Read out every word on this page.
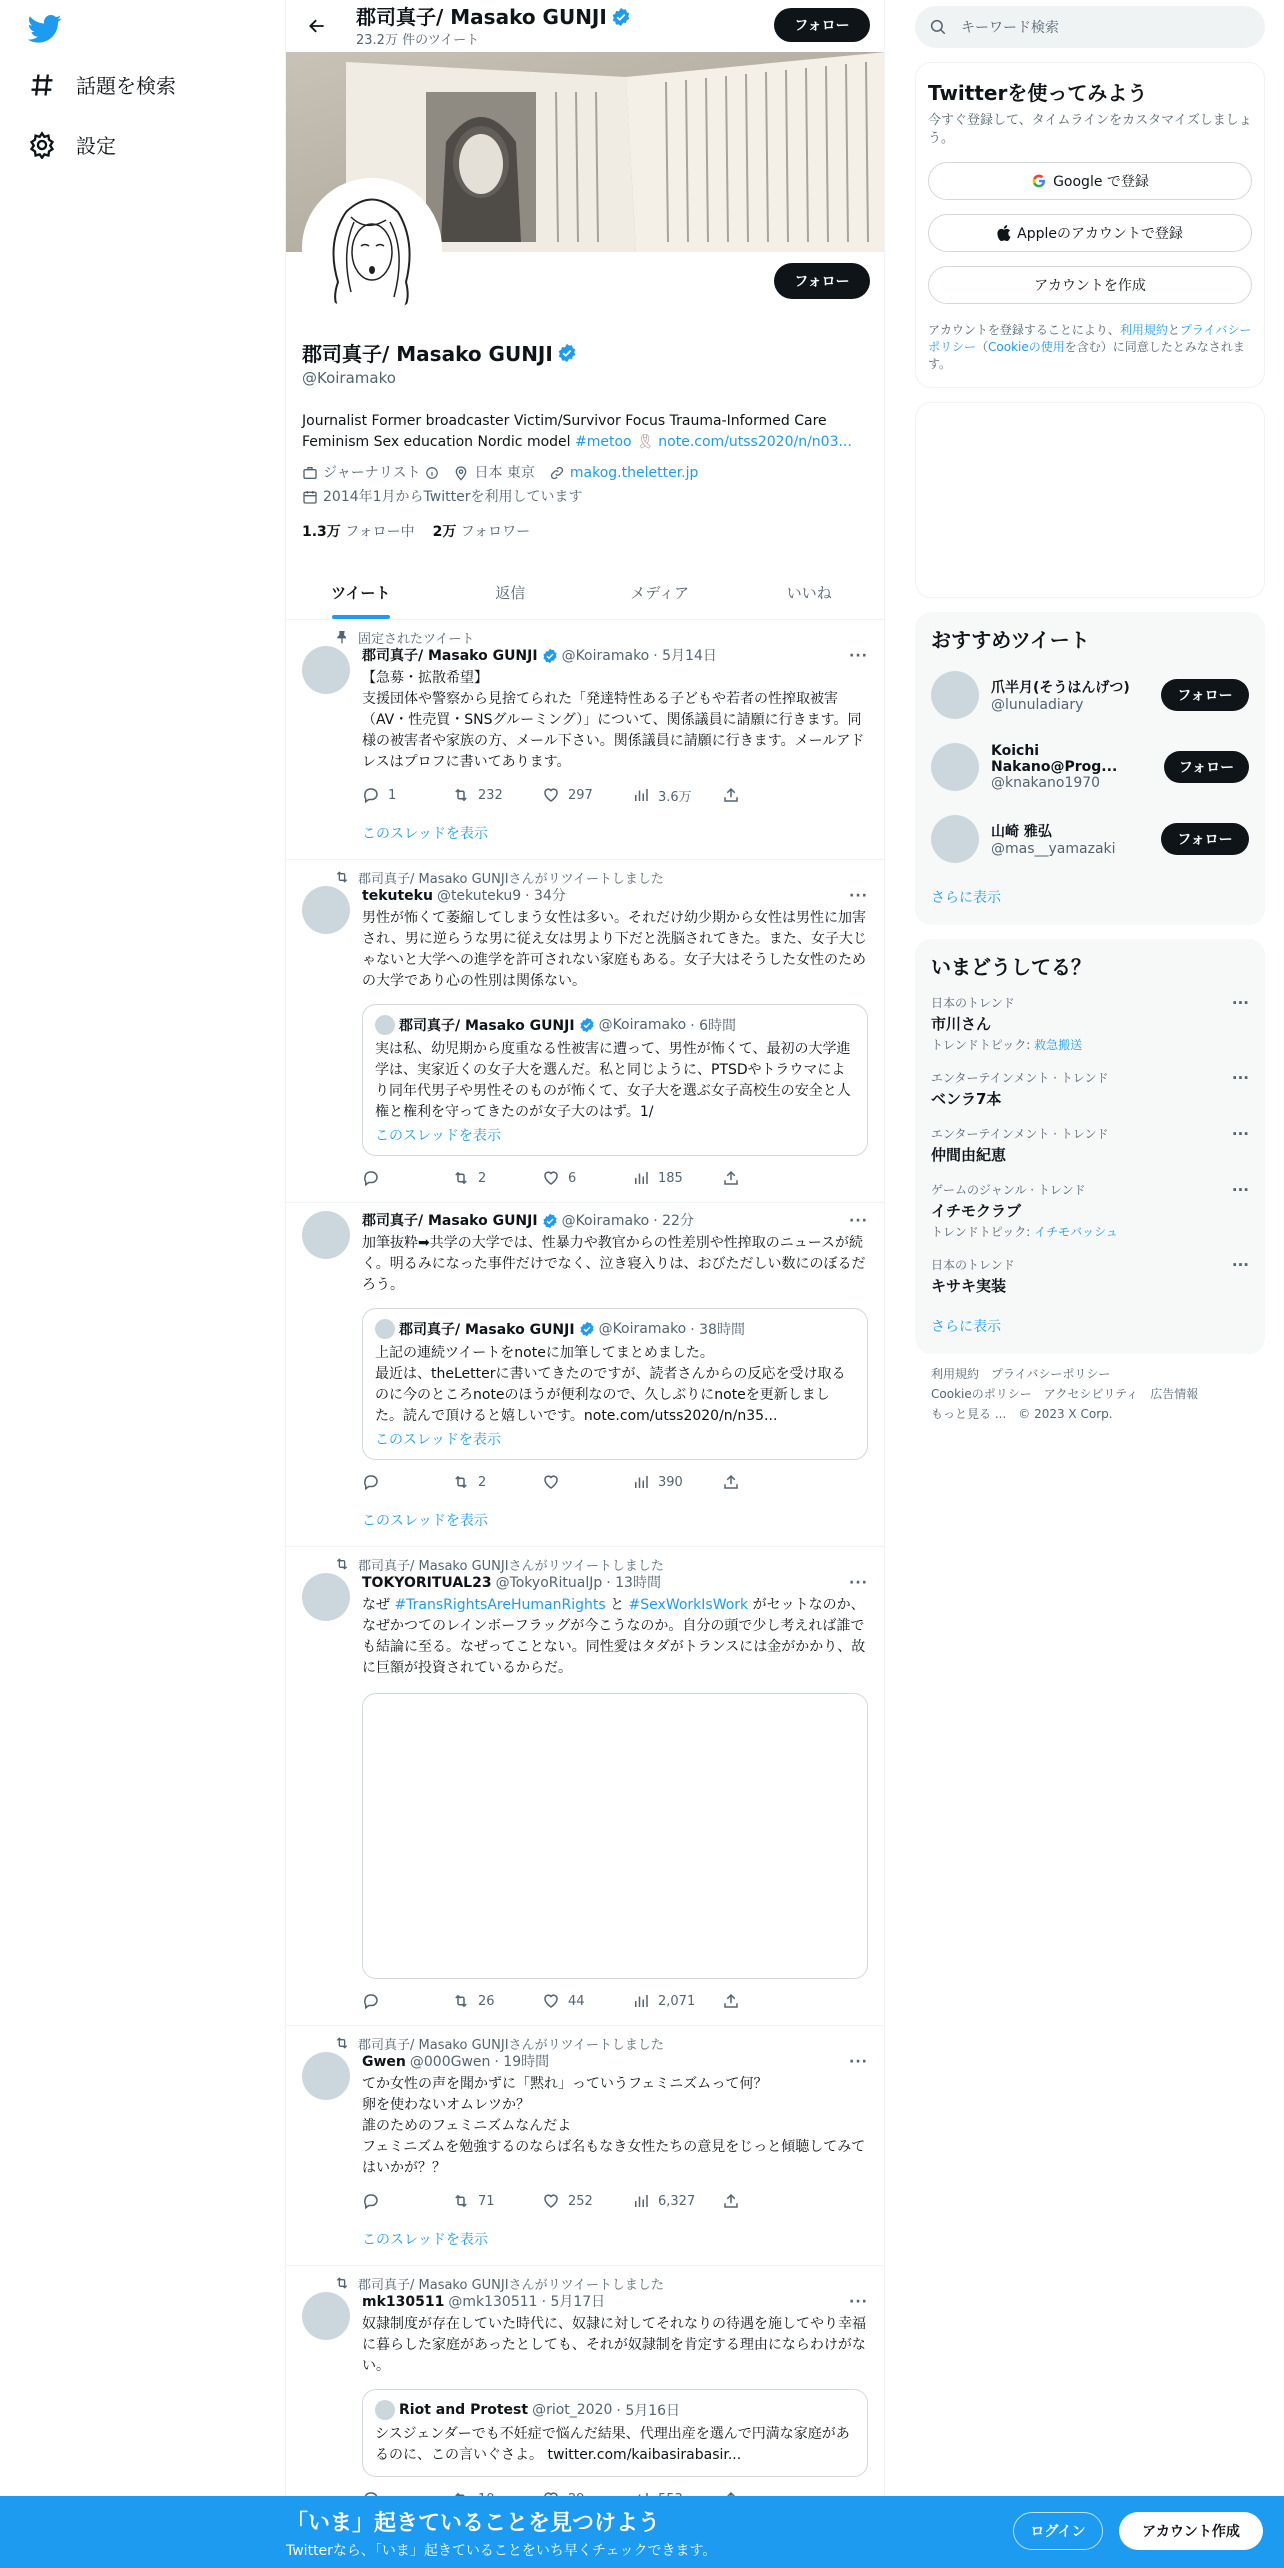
話題を検索
設定
郡司真子/ Masako GUNJI
23.2万 件のツイート
フォロー
フォロー
郡司真子/ Masako GUNJI
@Koiramako
Journalist Former broadcaster Victim/Survivor Focus Trauma-Informed Care Feminism Sex education Nordic model #metoo 🎗 note.com/utss2020/n/n03...
ジャーナリスト	日本 東京	makog.theletter.jp
2014年1月からTwitterを利用しています
1.3万 フォロー中 2万 フォロワー
ツイート	返信	メディア	いいね
固定されたツイート
郡司真子/ Masako GUNJI @Koiramako · 5月14日	···
【急募・拡散希望】
支援団体や警察から見捨てられた「発達特性ある子どもや若者の性搾取被害（AV・性売買・SNSグルーミング）」について、関係議員に請願に行きます。同様の被害者や家族の方、メール下さい。関係議員に請願に行きます。メールアドレスはプロフに書いてあります。
1	232	297	3.6万
このスレッドを表示
郡司真子/ Masako GUNJIさんがリツイートしました
tekuteku @tekuteku9 · 34分	···
男性が怖くて萎縮してしまう女性は多い。それだけ幼少期から女性は男性に加害され、男に逆らうな男に従え女は男より下だと洗脳されてきた。また、女子大じゃないと大学への進学を許可されない家庭もある。女子大はそうした女性のための大学であり心の性別は関係ない。
郡司真子/ Masako GUNJI @Koiramako · 6時間
実は私、幼児期から度重なる性被害に遭って、男性が怖くて、最初の大学進学は、実家近くの女子大を選んだ。私と同じように、PTSDやトラウマにより同年代男子や男性そのものが怖くて、女子大を選ぶ女子高校生の安全と人権と権利を守ってきたのが女子大のはず。1/
このスレッドを表示
2	6	185
郡司真子/ Masako GUNJI @Koiramako · 22分	···
加筆抜粋➡共学の大学では、性暴力や教官からの性差別や性搾取のニュースが続く。明るみになった事件だけでなく、泣き寝入りは、おびただしい数にのぼるだろう。
郡司真子/ Masako GUNJI @Koiramako · 38時間
上記の連続ツイートをnoteに加筆してまとめました。
最近は、theLetterに書いてきたのですが、読者さんからの反応を受け取るのに今のところnoteのほうが便利なので、久しぶりにnoteを更新しました。読んで頂けると嬉しいです。note.com/utss2020/n/n35...
このスレッドを表示
2	390
このスレッドを表示
郡司真子/ Masako GUNJIさんがリツイートしました
TOKYORITUAL23 @TokyoRitualJp · 13時間	···
なぜ #TransRightsAreHumanRights と #SexWorkIsWork がセットなのか、なぜかつてのレインボーフラッグが今こうなのか。自分の頭で少し考えれば誰でも結論に至る。なぜってことない。同性愛はタダがトランスには金がかかり、故に巨額が投資されているからだ。
26	44	2,071
郡司真子/ Masako GUNJIさんがリツイートしました
Gwen @000Gwen · 19時間	···
てか女性の声を聞かずに「黙れ」っていうフェミニズムって何？
卵を使わないオムレツか？
誰のためのフェミニズムなんだよ
フェミニズムを勉強するのならば名もなき女性たちの意見をじっと傾聴してみてはいかが？？
71	252	6,327
このスレッドを表示
郡司真子/ Masako GUNJIさんがリツイートしました
mk130511 @mk130511 · 5月17日	···
奴隷制度が存在していた時代に、奴隷に対してそれなりの待遇を施してやり幸福に暮らした家庭があったとしても、それが奴隷制を肯定する理由にならわけがない。
Riot and Protest @riot_2020 · 5月16日
シスジェンダーでも不妊症で悩んだ結果、代理出産を選んで円満な家庭があるのに、この言いぐさよ。 twitter.com/kaibasirabasir...
キーワード検索
Twitterを使ってみよう

今すぐ登録して、タイムラインをカスタマイズしましょう。

Google で登録
Appleのアカウントで登録
アカウントを作成

アカウントを登録することにより、利用規約とプライバシーポリシー（Cookieの使用を含む）に同意したとみなされます。

おすすめツイート
爪半月(そうはんげつ)
@lunuladiary
フォロー
Koichi Nakano@Prog...
@knakano1970
フォロー
山崎 雅弘
@mas__yamazaki
フォロー
さらに表示
いまどうしてる？
日本のトレンド
市川さん
トレンドトピック: 救急搬送
···
エンターテインメント · トレンド
ベンラ7本
···
エンターテインメント · トレンド
仲間由紀恵
···
ゲームのジャンル · トレンド
イチモクラブ
トレンドトピック: イチモバッシュ
···
日本のトレンド
キサキ実装
···
さらに表示
利用規約 プライバシーポリシー
Cookieのポリシー アクセシビリティ 広告情報
もっと見る ... © 2023 X Corp.
「いま」起きていることを見つけよう
Twitterなら、「いま」起きていることをいち早くチェックできます。
ログイン	アカウント作成
